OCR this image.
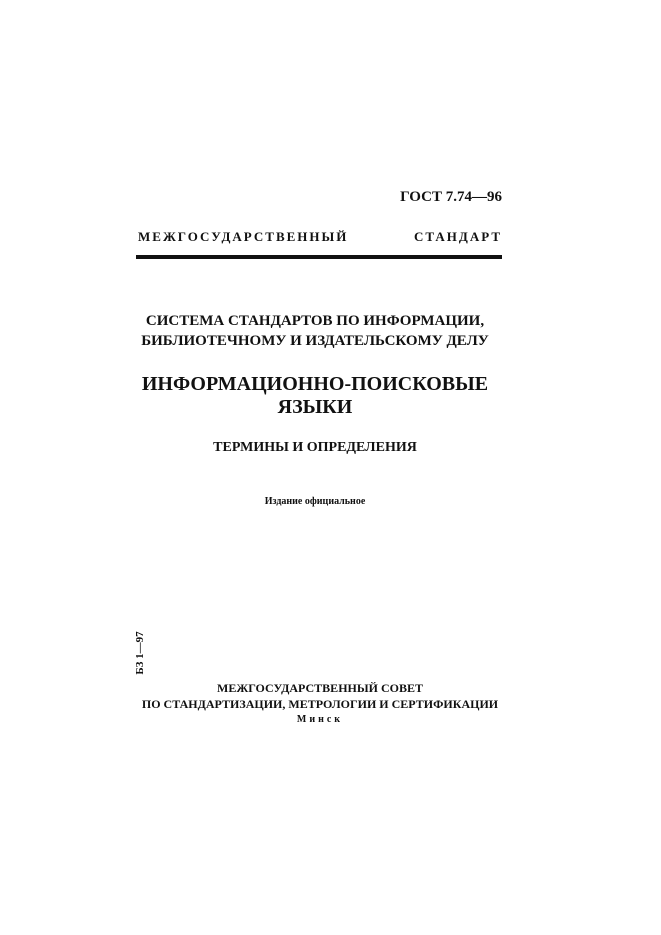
ГОСТ 7.74—96
МЕЖГОСУДАРСТВЕННЫЙ СТАНДАРТ
СИСТЕМА СТАНДАРТОВ ПО ИНФОРМАЦИИ,
БИБЛИОТЕЧНОМУ И ИЗДАТЕЛЬСКОМУ ДЕЛУ
ИНФОРМАЦИОННО-ПОИСКОВЫЕ
ЯЗЫКИ
ТЕРМИНЫ И ОПРЕДЕЛЕНИЯ
Издание официальное
БЗ 1—97
МЕЖГОСУДАРСТВЕННЫЙ СОВЕТ
ПО СТАНДАРТИЗАЦИИ, МЕТРОЛОГИИ И СЕРТИФИКАЦИИ
Минск
